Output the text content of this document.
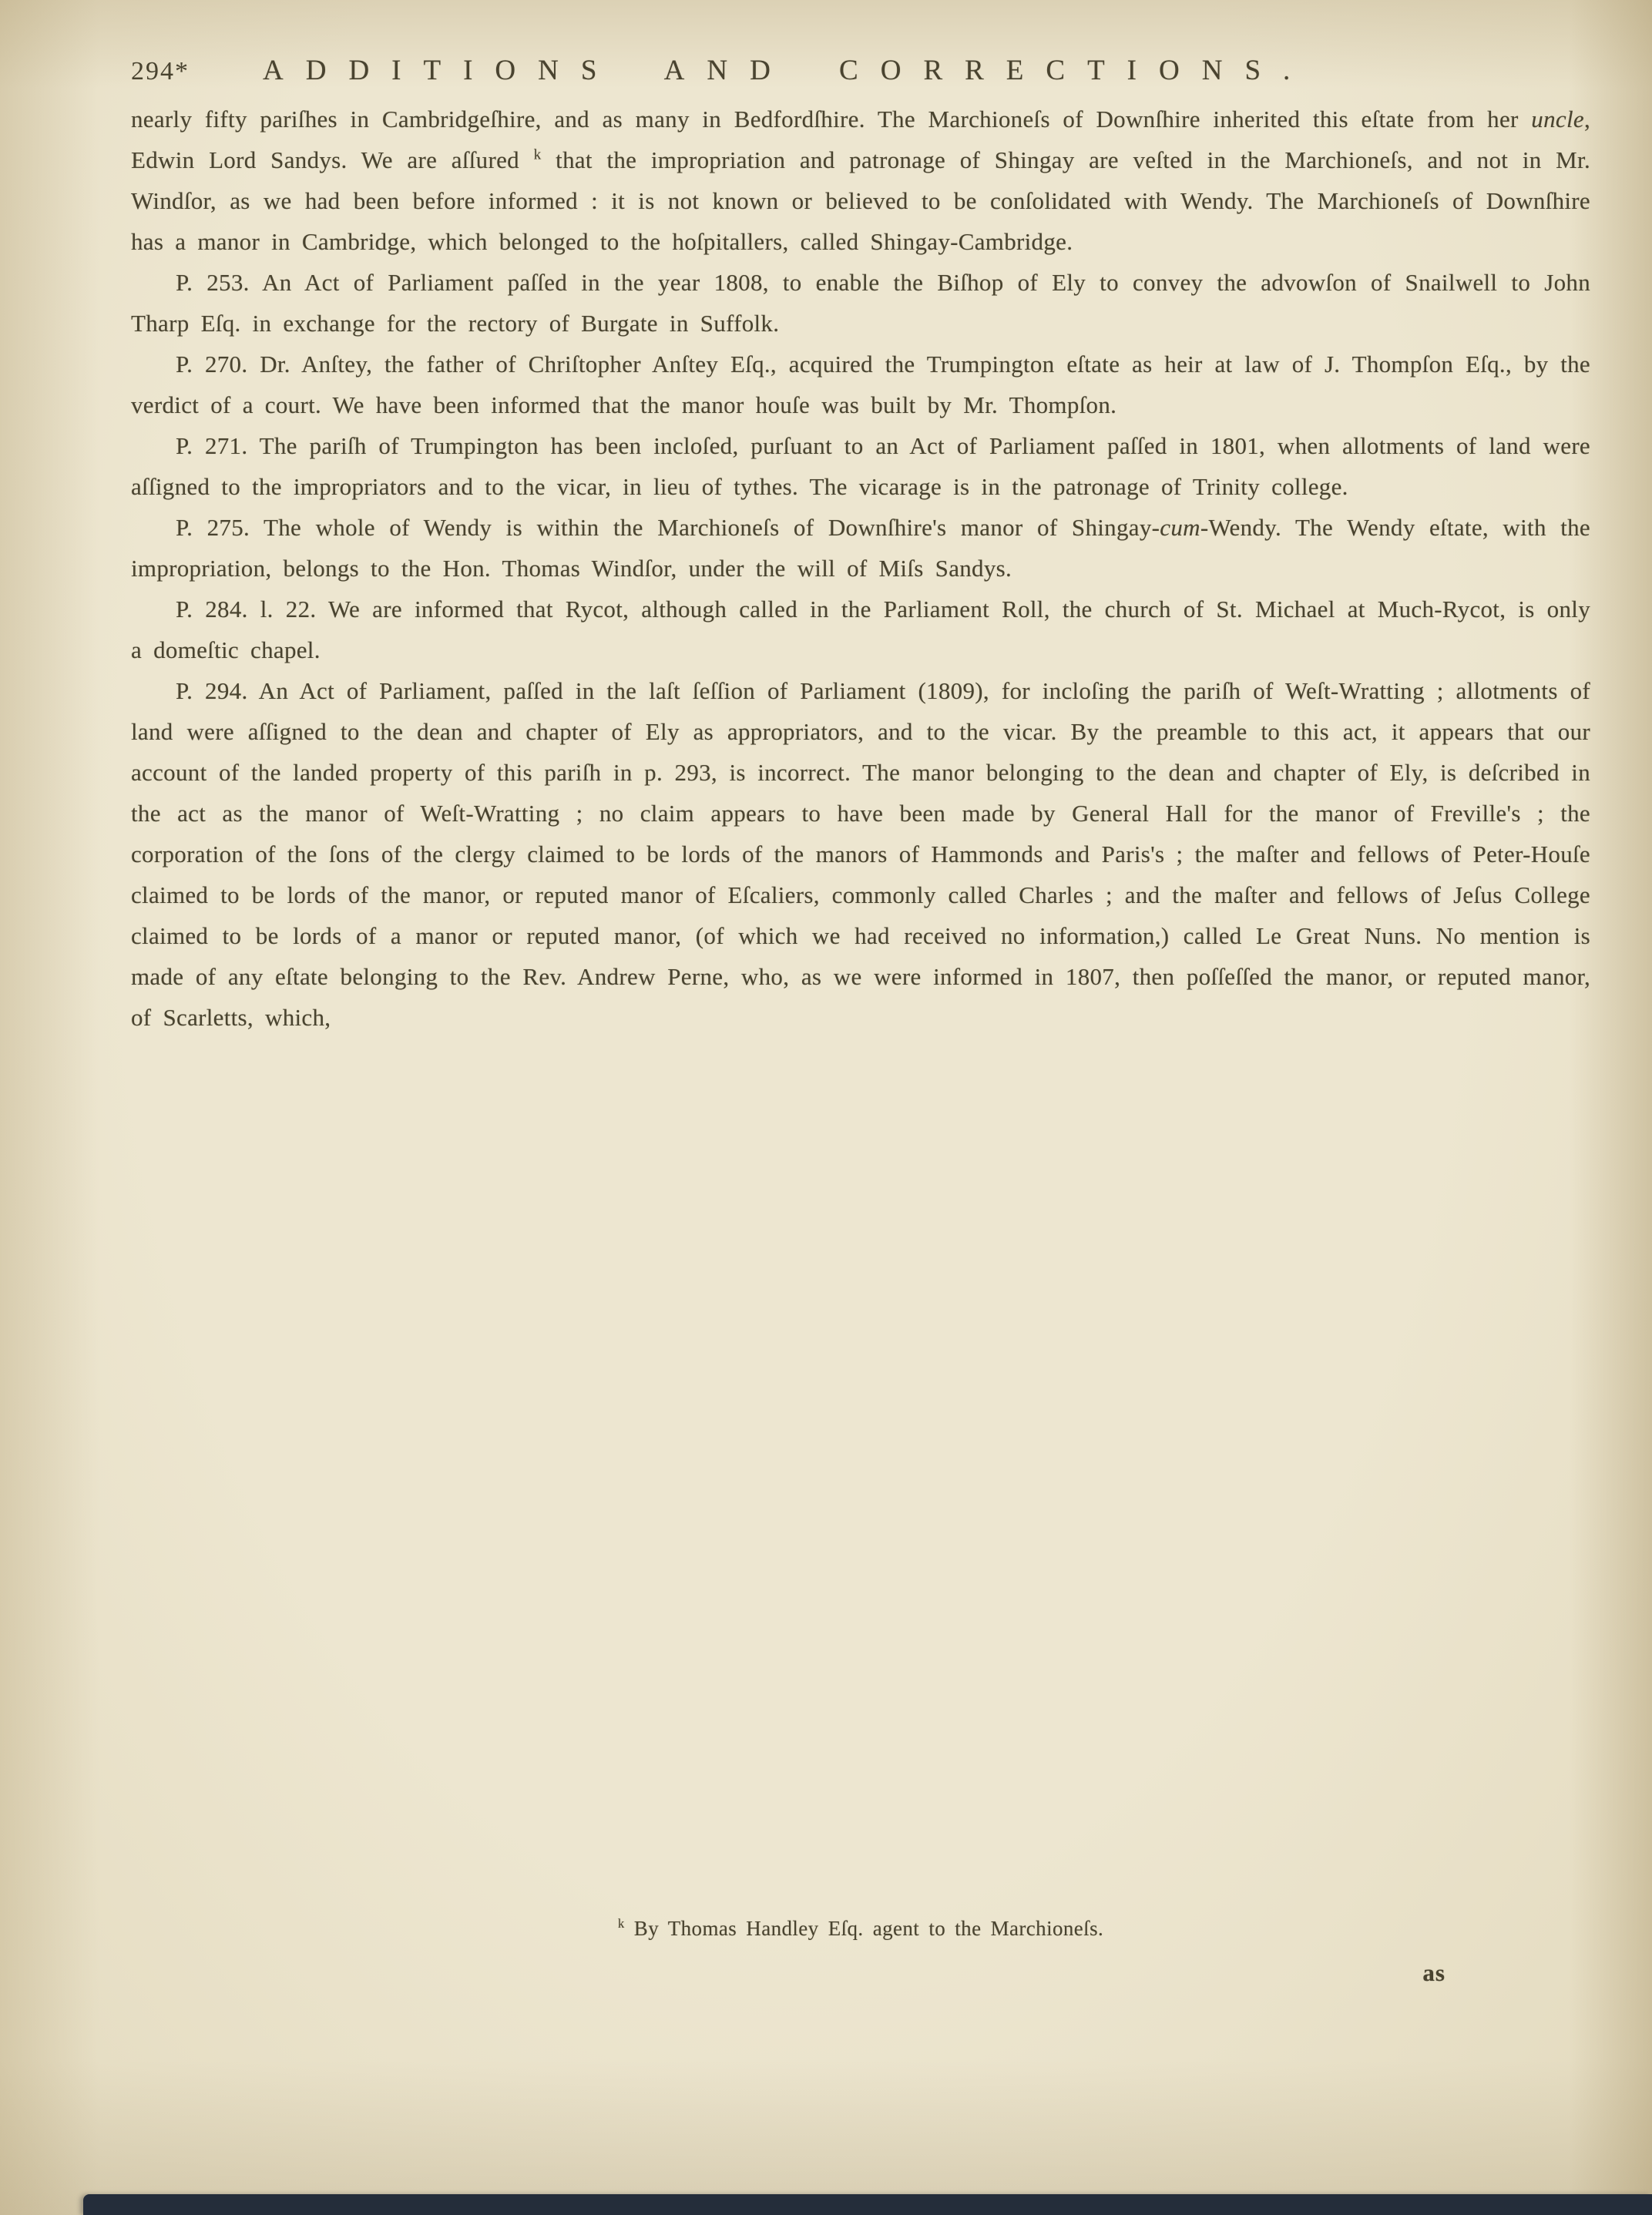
294*	ADDITIONS AND CORRECTIONS.

nearly fifty pariſhes in Cambridgeſhire, and as many in Bedfordſhire. The Marchioneſs of Downſhire inherited this eſtate from her uncle, Edwin Lord Sandys. We are aſſured $^k$ that the impropriation and patronage of Shingay are veſted in the Marchioneſs, and not in Mr. Windſor, as we had been before informed : it is not known or believed to be conſolidated with Wendy. The Marchioneſs of Downſhire has a manor in Cambridge, which belonged to the hoſpitallers, called Shingay-Cambridge.

P. 253. An Act of Parliament paſſed in the year 1808, to enable the Biſhop of Ely to convey the advowſon of Snailwell to John Tharp Eſq. in exchange for the rectory of Burgate in Suffolk.

P. 270. Dr. Anſtey, the father of Chriſtopher Anſtey Eſq., acquired the Trumpington eſtate as heir at law of J. Thompſon Eſq., by the verdict of a court. We have been informed that the manor houſe was built by Mr. Thompſon.

P. 271. The pariſh of Trumpington has been incloſed, purſuant to an Act of Parliament paſſed in 1801, when allotments of land were aſſigned to the impropriators and to the vicar, in lieu of tythes. The vicarage is in the patronage of Trinity college.

P. 275. The whole of Wendy is within the Marchioneſs of Downſhire's manor of Shingay-cum-Wendy. The Wendy eſtate, with the impropriation, belongs to the Hon. Thomas Windſor, under the will of Miſs Sandys.

P. 284. l. 22. We are informed that Rycot, although called in the Parliament Roll, the church of St. Michael at Much-Rycot, is only a domeſtic chapel.

P. 294. An Act of Parliament, paſſed in the laſt ſeſſion of Parliament (1809), for incloſing the pariſh of Weſt-Wratting ; allotments of land were aſſigned to the dean and chapter of Ely as appropriators, and to the vicar. By the preamble to this act, it appears that our account of the landed property of this pariſh in p. 293, is incorrect. The manor belonging to the dean and chapter of Ely, is deſcribed in the act as the manor of Weſt-Wratting ; no claim appears to have been made by General Hall for the manor of Freville's ; the corporation of the ſons of the clergy claimed to be lords of the manors of Hammonds and Paris's ; the maſter and fellows of Peter-Houſe claimed to be lords of the manor, or reputed manor of Eſcaliers, commonly called Charles ; and the maſter and fellows of Jeſus College claimed to be lords of a manor or reputed manor, (of which we had received no information,) called Le Great Nuns. No mention is made of any eſtate belonging to the Rev. Andrew Perne, who, as we were informed in 1807, then poſſeſſed the manor, or reputed manor, of Scarletts, which,

$^k$ By Thomas Handley Eſq. agent to the Marchioneſs.
as
